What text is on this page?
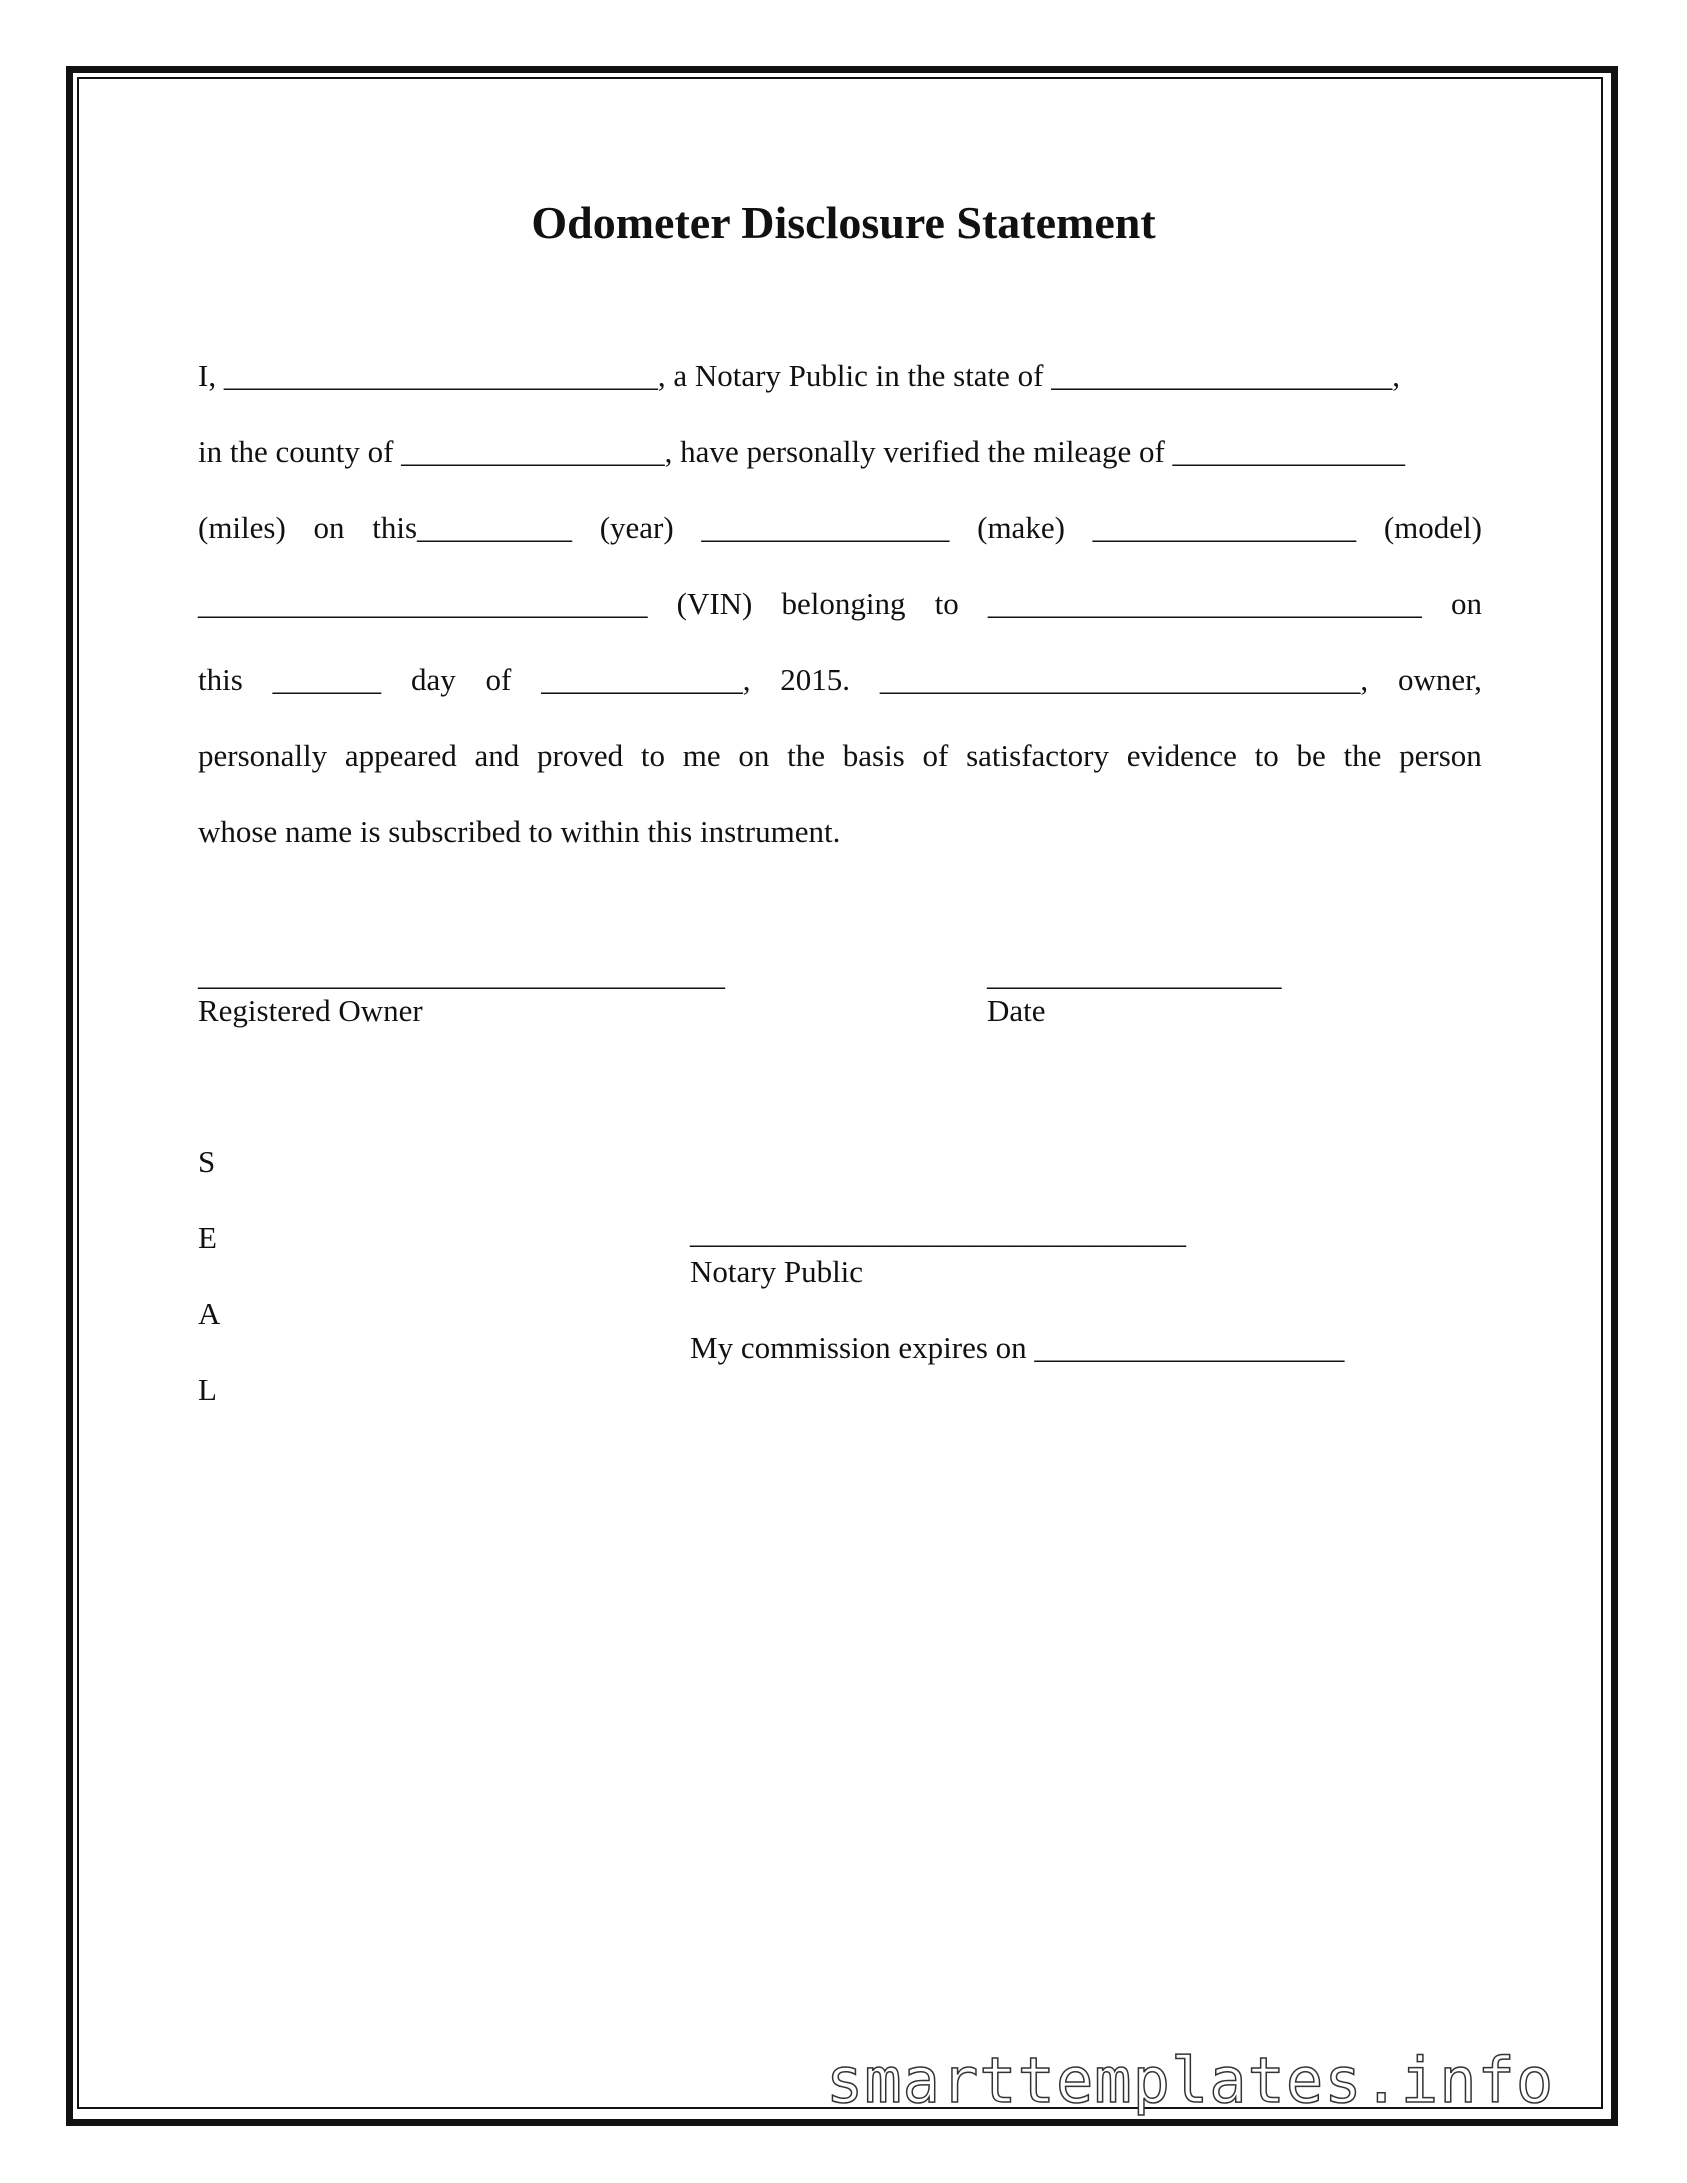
Odometer Disclosure Statement
I, ____________________________, a Notary Public in the state of ______________________,
in the county of _________________, have personally verified the mileage of _______________
(miles) on this__________ (year) ________________ (make) _________________ (model)
_____________________________ (VIN) belonging to ____________________________ on
this _______ day of _____________, 2015. _______________________________, owner,
personally appeared and proved to me on the basis of satisfactory evidence to be the person
whose name is subscribed to within this instrument.
__________________________________
Registered Owner
___________________
Date
S
E
A
L
________________________________
Notary Public
My commission expires on ____________________
smarttemplates.info
